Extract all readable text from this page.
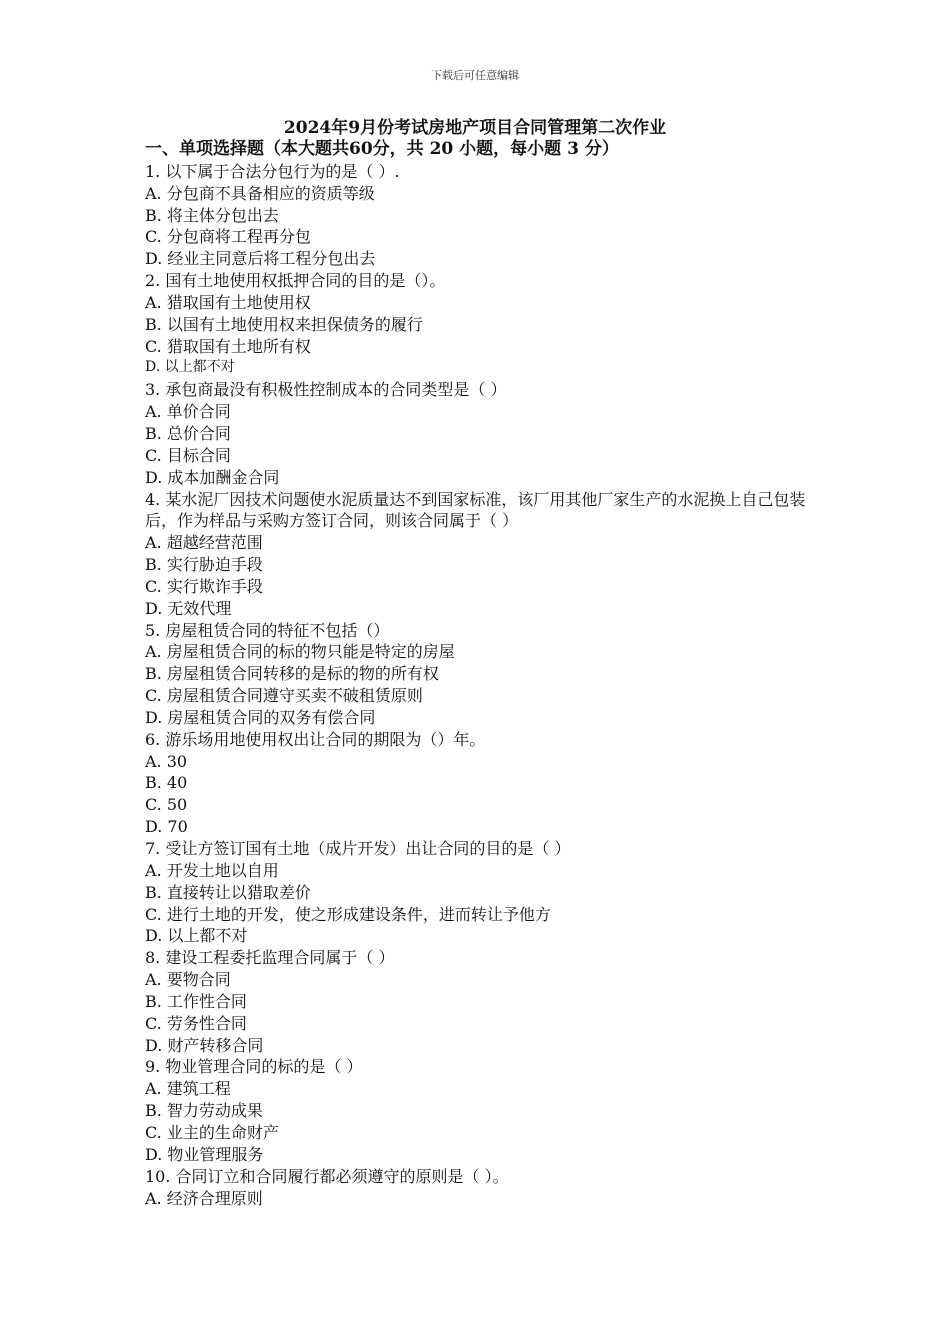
下载后可任意编辑
2024年9月份考试房地产项目合同管理第二次作业
一、单项选择题（本大题共60分，共 20 小题，每小题 3 分）
1. 以下属于合法分包行为的是（ ）.
A. 分包商不具备相应的资质等级
B. 将主体分包出去
C. 分包商将工程再分包
D. 经业主同意后将工程分包出去
2. 国有土地使用权抵押合同的目的是（）。
A. 猎取国有土地使用权
B. 以国有土地使用权来担保债务的履行
C. 猎取国有土地所有权
D. 以上都不对
3. 承包商最没有积极性控制成本的合同类型是（ ）
A. 单价合同
B. 总价合同
C. 目标合同
D. 成本加酬金合同
4. 某水泥厂因技术问题使水泥质量达不到国家标准，该厂用其他厂家生产的水泥换上自己包装后，作为样品与采购方签订合同，则该合同属于（ ）
A. 超越经营范围
B. 实行胁迫手段
C. 实行欺诈手段
D. 无效代理
5. 房屋租赁合同的特征不包括（）
A. 房屋租赁合同的标的物只能是特定的房屋
B. 房屋租赁合同转移的是标的物的所有权
C. 房屋租赁合同遵守买卖不破租赁原则
D. 房屋租赁合同的双务有偿合同
6. 游乐场用地使用权出让合同的期限为（）年。
A. 30
B. 40
C. 50
D. 70
7. 受让方签订国有土地（成片开发）出让合同的目的是（ ）
A. 开发土地以自用
B. 直接转让以猎取差价
C. 进行土地的开发，使之形成建设条件，进而转让予他方
D. 以上都不对
8. 建设工程委托监理合同属于（ ）
A. 要物合同
B. 工作性合同
C. 劳务性合同
D. 财产转移合同
9. 物业管理合同的标的是（ ）
A. 建筑工程
B. 智力劳动成果
C. 业主的生命财产
D. 物业管理服务
10. 合同订立和合同履行都必须遵守的原则是（ ）。
A. 经济合理原则
